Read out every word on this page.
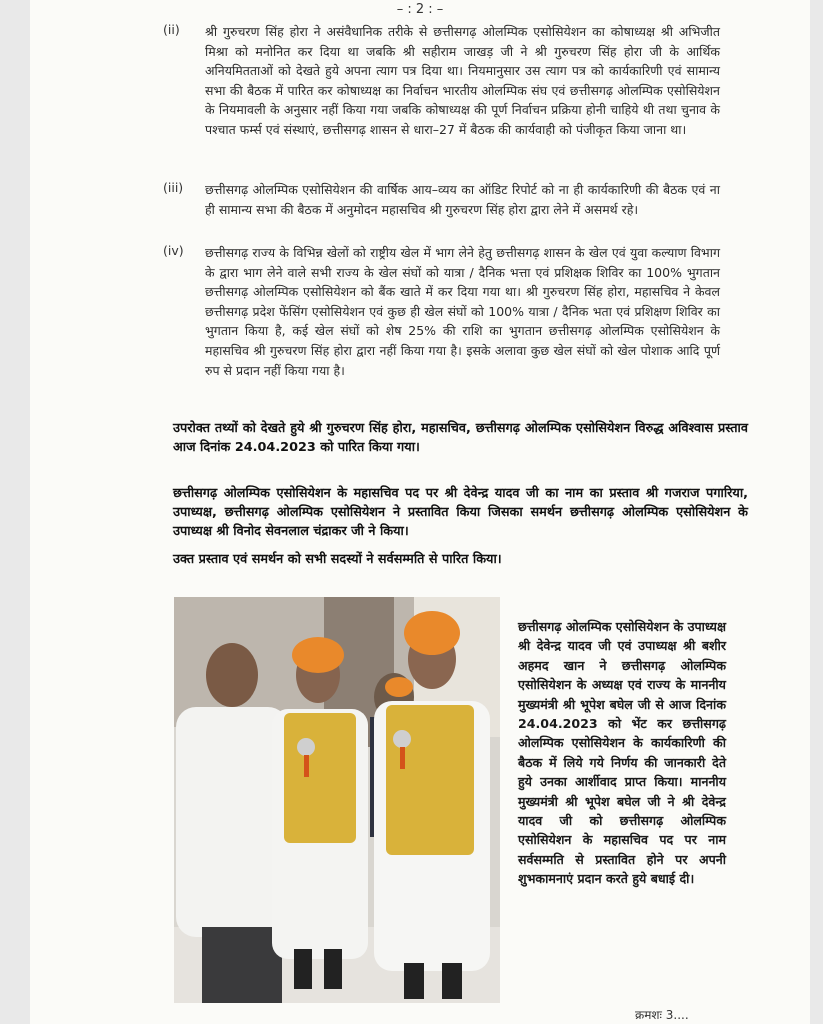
– : 2 : –
(ii)	श्री गुरुचरण सिंह होरा ने असंवैधानिक तरीके से छत्तीसगढ़ ओलम्पिक एसोसियेशन का कोषाध्यक्ष श्री अभिजीत मिश्रा को मनोनित कर दिया था जबकि श्री सहीराम जाखड़ जी ने श्री गुरुचरण सिंह होरा जी के आर्थिक अनियमितताओं को देखते हुये अपना त्याग पत्र दिया था। नियमानुसार उस त्याग पत्र को कार्यकारिणी एवं सामान्य सभा की बैठक में पारित कर कोषाध्यक्ष का निर्वाचन भारतीय ओलम्पिक संघ एवं छत्तीसगढ़ ओलम्पिक एसोसियेशन के नियमावली के अनुसार नहीं किया गया जबकि कोषाध्यक्ष की पूर्ण निर्वाचन प्रक्रिया होनी चाहिये थी तथा चुनाव के पश्चात फर्म्स एवं संस्थाएं, छत्तीसगढ़ शासन से धारा–27 में बैठक की कार्यवाही को पंजीकृत किया जाना था।
(iii) छत्तीसगढ़ ओलम्पिक एसोसियेशन की वार्षिक आय–व्यय का ऑडिट रिपोर्ट को ना ही कार्यकारिणी की बैठक एवं ना ही सामान्य सभा की बैठक में अनुमोदन महासचिव श्री गुरुचरण सिंह होरा द्वारा लेने में असमर्थ रहे।
(iv) छत्तीसगढ़ राज्य के विभिन्न खेलों को राष्ट्रीय खेल में भाग लेने हेतु छत्तीसगढ़ शासन के खेल एवं युवा कल्याण विभाग के द्वारा भाग लेने वाले सभी राज्य के खेल संघों को यात्रा / दैनिक भत्ता एवं प्रशिक्षक शिविर का 100% भुगतान छत्तीसगढ़ ओलम्पिक एसोसियेशन को बैंक खाते में कर दिया गया था। श्री गुरुचरण सिंह होरा, महासचिव ने केवल छत्तीसगढ़ प्रदेश फेंसिंग एसोसियेशन एवं कुछ ही खेल संघों को 100% यात्रा / दैनिक भता एवं प्रशिक्षण शिविर का भुगतान किया है, कई खेल संघों को शेष 25% की राशि का भुगतान छत्तीसगढ़ ओलम्पिक एसोसियेशन के महासचिव श्री गुरुचरण सिंह होरा द्वारा नहीं किया गया है। इसके अलावा कुछ खेल संघों को खेल पोशाक आदि पूर्ण रुप से प्रदान नहीं किया गया है।
उपरोक्त तथ्यों को देखते हुये श्री गुरुचरण सिंह होरा, महासचिव, छत्तीसगढ़ ओलम्पिक एसोसियेशन विरुद्ध अविश्वास प्रस्ताव आज दिनांक 24.04.2023 को पारित किया गया।
छत्तीसगढ़ ओलम्पिक एसोसियेशन के महासचिव पद पर श्री देवेन्द्र यादव जी का नाम का प्रस्ताव श्री गजराज पगारिया, उपाध्यक्ष, छत्तीसगढ़ ओलम्पिक एसोसियेशन ने प्रस्तावित किया जिसका समर्थन छत्तीसगढ़ ओलम्पिक एसोसियेशन के उपाध्यक्ष श्री विनोद सेवनलाल चंद्राकर जी ने किया।
उक्त प्रस्ताव एवं समर्थन को सभी सदस्यों ने सर्वसम्मति से पारित किया।
छत्तीसगढ़ ओलम्पिक एसोसियेशन के उपाध्यक्ष श्री देवेन्द्र यादव जी एवं उपाध्यक्ष श्री बशीर अहमद खान ने छत्तीसगढ़ ओलम्पिक एसोसियेशन के अध्यक्ष एवं राज्य के माननीय मुख्यमंत्री श्री भूपेश बघेल जी से आज दिनांक 24.04.2023 को भेंट कर छत्तीसगढ़ ओलम्पिक एसोसियेशन के कार्यकारिणी की बैठक में लिये गये निर्णय की जानकारी देते हुये उनका आर्शीवाद प्राप्त किया। माननीय मुख्यमंत्री श्री भूपेश बघेल जी ने श्री देवेन्द्र यादव जी को छत्तीसगढ़ ओलम्पिक एसोसियेशन के महासचिव पद पर नाम सर्वसम्मति से प्रस्तावित होने पर अपनी शुभकामनाएं प्रदान करते हुये बधाई दी।
क्रमशः 3....
